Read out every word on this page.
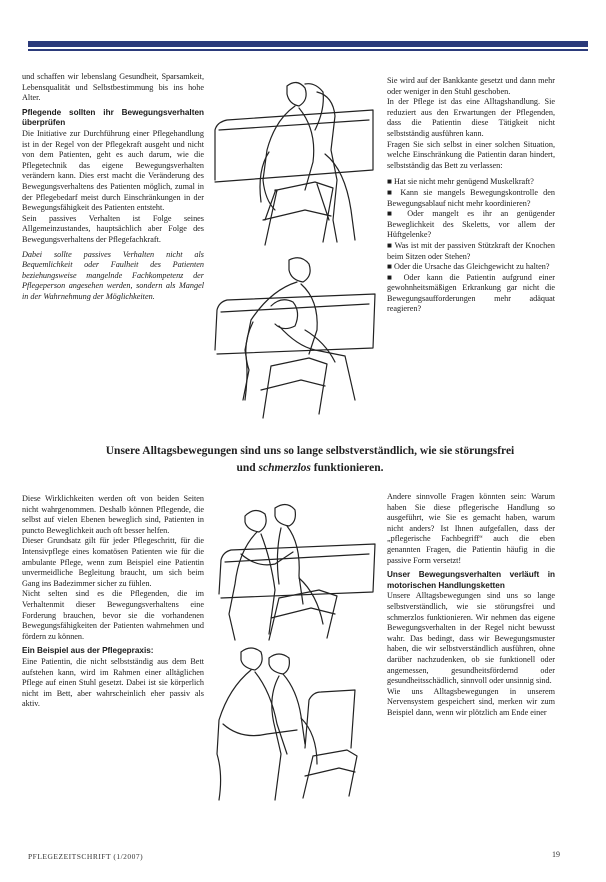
und schaffen wir lebenslang Gesundheit, Sparsamkeit, Lebensqualität und Selbstbestimmung bis ins hohe Alter.

Pflegende sollten ihr Bewegungsverhalten überprüfen

Die Initiative zur Durchführung einer Pflegehandlung ist in der Regel von der Pflegekraft ausgeht und nicht von dem Patienten, geht es auch darum, wie die Pflegetechnik das eigene Bewegungsverhalten verändern kann. Dies erst macht die Veränderung des Bewegungsverhaltens des Patienten möglich, zumal in der Pflegebedarf meist durch Einschränkungen in der Bewegungsfähigkeit des Patienten entsteht.

Sein passives Verhalten ist Folge seines Allgemeinzustandes, hauptsächlich aber Folge des Bewegungsverhaltens der Pflegefachkraft.

Dabei sollte passives Verhalten nicht als Bequemlichkeit oder Faulheit des Patienten beziehungsweise mangelnde Fachkompetenz der Pflegeperson angesehen werden, sondern als Mangel in der Wahrnehmung der Möglichkeiten.

Sie wird auf der Bankkante gesetzt und dann mehr oder weniger in den Stuhl geschoben.

In der Pflege ist das eine Alltagshandlung. Sie reduziert aus den Erwartungen der Pflegenden, dass die Patientin diese Tätigkeit nicht selbstständig ausführen kann.

Fragen Sie sich selbst in einer solchen Situation, welche Einschränkung die Patientin daran hindert, selbstständig das Bett zu verlassen:

■ Hat sie nicht mehr genügend Muskelkraft?

■ Kann sie mangels Bewegungskontrolle den Bewegungsablauf nicht mehr koordinieren?

■ Oder mangelt es ihr an genügender Beweglichkeit des Skeletts, vor allem der Hüftgelenke?

■ Was ist mit der passiven Stützkraft der Knochen beim Sitzen oder Stehen?

■ Oder die Ursache das Gleichgewicht zu halten?

■ Oder kann die Patientin aufgrund einer gewohnheitsmäßigen Erkrankung gar nicht die Bewegungsaufforderungen mehr adäquat reagieren?

Unsere Alltagsbewegungen sind uns so lange selbstverständlich, wie sie störungsfrei
und schmerzlos funktionieren.

Diese Wirklichkeiten werden oft von beiden Seiten nicht wahrgenommen. Deshalb können Pflegende, die selbst auf vielen Ebenen beweglich sind, Patienten in puncto Beweglichkeit auch oft besser helfen.

Dieser Grundsatz gilt für jeder Pflegeschritt, für die Intensivpflege eines komatösen Patienten wie für die ambulante Pflege, wenn zum Beispiel eine Patientin unvermeidliche Begleitung braucht, um sich beim Gang ins Badezimmer sicher zu fühlen.

Nicht selten sind es die Pflegenden, die im Verhaltenmit dieser Bewegungsverhaltens eine Forderung brauchen, bevor sie die vorhandenen Bewegungsfähigkeiten der Patienten wahrnehmen und fördern zu können.

Ein Beispiel aus der Pflegepraxis:

Eine Patientin, die nicht selbstständig aus dem Bett aufstehen kann, wird im Rahmen einer alltäglichen Pflege auf einen Stuhl gesetzt. Dabei ist sie körperlich nicht im Bett, aber wahrscheinlich eher passiv als aktiv.

Andere sinnvolle Fragen könnten sein: Warum haben Sie diese pflegerische Handlung so ausgeführt, wie Sie es gemacht haben, warum nicht anders? Ist Ihnen aufgefallen, dass der „pflegerische Fachbegriff“ auch die eben genannten Fragen, die Patientin häufig in die passive Form versetzt!

Unser Bewegungsverhalten verläuft in motorischen Handlungsketten

Unsere Alltagsbewegungen sind uns so lange selbstverständlich, wie sie störungsfrei und schmerzlos funktionieren. Wir nehmen das eigene Bewegungsverhalten in der Regel nicht bewusst wahr. Das bedingt, dass wir Bewegungsmuster haben, die wir selbstverständlich ausführen, ohne darüber nachzudenken, ob sie funktionell oder angemessen, gesundheitsfördernd oder gesundheitsschädlich, sinnvoll oder unsinnig sind.

Wie uns Alltagsbewegungen in unserem Nervensystem gespeichert sind, merken wir zum Beispiel dann, wenn wir plötzlich am Ende einer

PFLEGEZEITSCHRIFT (1/2007)	19
